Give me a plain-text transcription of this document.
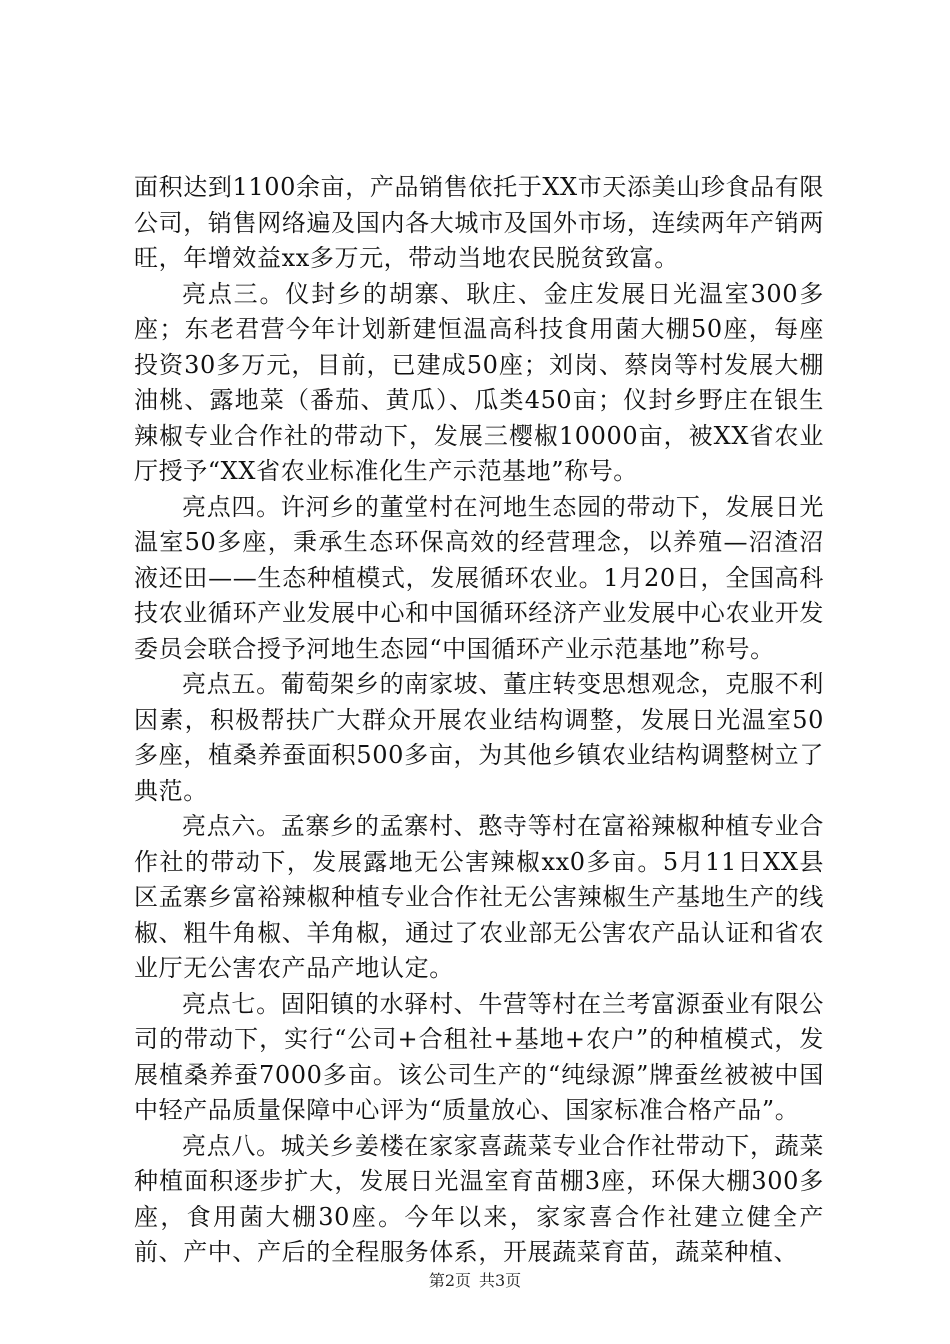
面积达到1100余亩，产品销售依托于XX市天添美山珍食品有限公司，销售网络遍及国内各大城市及国外市场，连续两年产销两旺，年增效益xx多万元，带动当地农民脱贫致富。

亮点三。仪封乡的胡寨、耿庄、金庄发展日光温室300多座；东老君营今年计划新建恒温高科技食用菌大棚50座，每座投资30多万元，目前，已建成50座；刘岗、蔡岗等村发展大棚油桃、露地菜（番茄、黄瓜）、瓜类450亩；仪封乡野庄在银生辣椒专业合作社的带动下，发展三樱椒10000亩，被XX省农业厅授予“XX省农业标准化生产示范基地”称号。

亮点四。许河乡的董堂村在河地生态园的带动下，发展日光温室50多座，秉承生态环保高效的经营理念，以养殖—沼渣沼液还田——生态种植模式，发展循环农业。1月20日，全国高科技农业循环产业发展中心和中国循环经济产业发展中心农业开发委员会联合授予河地生态园“中国循环产业示范基地”称号。

亮点五。葡萄架乡的南家坡、董庄转变思想观念，克服不利因素，积极帮扶广大群众开展农业结构调整，发展日光温室50多座，植桑养蚕面积500多亩，为其他乡镇农业结构调整树立了典范。

亮点六。孟寨乡的孟寨村、憨寺等村在富裕辣椒种植专业合作社的带动下，发展露地无公害辣椒xx0多亩。5月11日XX县区孟寨乡富裕辣椒种植专业合作社无公害辣椒生产基地生产的线椒、粗牛角椒、羊角椒，通过了农业部无公害农产品认证和省农业厅无公害农产品产地认定。

亮点七。固阳镇的水驿村、牛营等村在兰考富源蚕业有限公司的带动下，实行“公司+合租社+基地+农户”的种植模式，发展植桑养蚕7000多亩。该公司生产的“纯绿源”牌蚕丝被被中国中轻产品质量保障中心评为“质量放心、国家标准合格产品”。

亮点八。城关乡姜楼在家家喜蔬菜专业合作社带动下，蔬菜种植面积逐步扩大，发展日光温室育苗棚3座，环保大棚300多座，食用菌大棚30座。今年以来，家家喜合作社建立健全产前、产中、产后的全程服务体系，开展蔬菜育苗，蔬菜种植、

第2页 共3页
